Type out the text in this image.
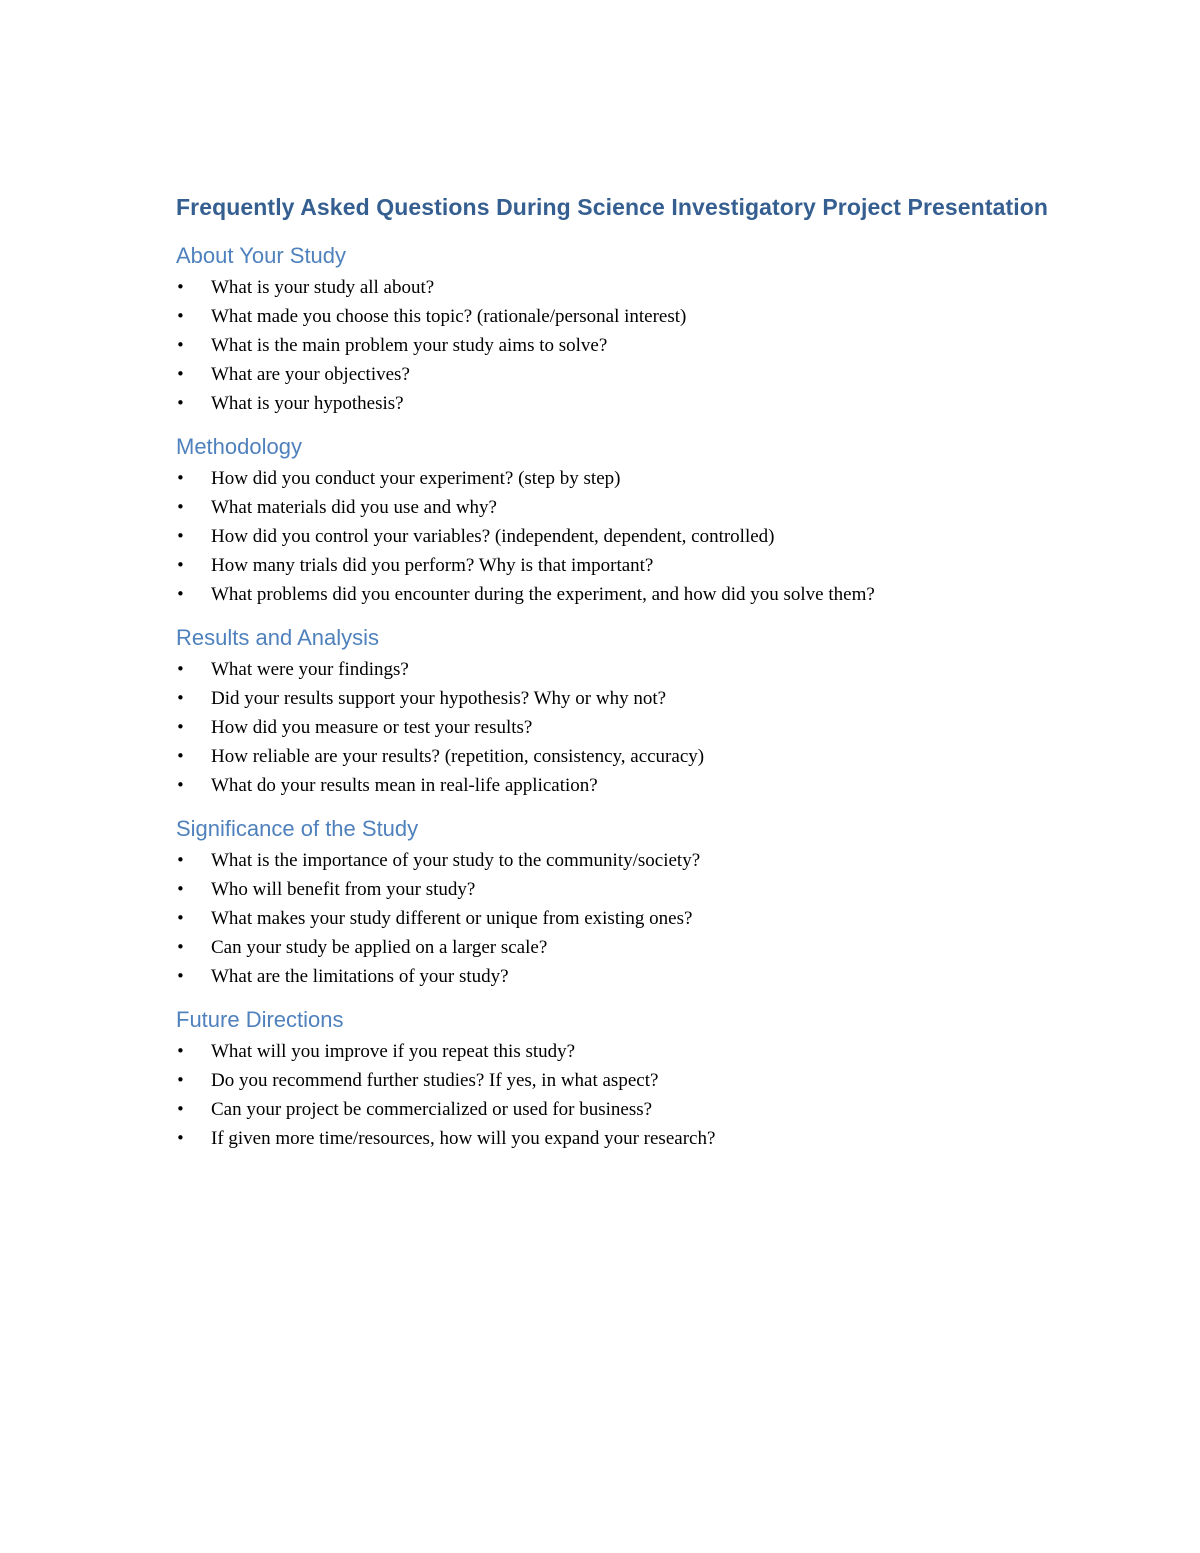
Frequently Asked Questions During Science Investigatory Project Presentation
About Your Study
• What is your study all about?
• What made you choose this topic? (rationale/personal interest)
• What is the main problem your study aims to solve?
• What are your objectives?
• What is your hypothesis?
Methodology
• How did you conduct your experiment? (step by step)
• What materials did you use and why?
• How did you control your variables? (independent, dependent, controlled)
• How many trials did you perform? Why is that important?
• What problems did you encounter during the experiment, and how did you solve them?
Results and Analysis
• What were your findings?
• Did your results support your hypothesis? Why or why not?
• How did you measure or test your results?
• How reliable are your results? (repetition, consistency, accuracy)
• What do your results mean in real-life application?
Significance of the Study
• What is the importance of your study to the community/society?
• Who will benefit from your study?
• What makes your study different or unique from existing ones?
• Can your study be applied on a larger scale?
• What are the limitations of your study?
Future Directions
• What will you improve if you repeat this study?
• Do you recommend further studies? If yes, in what aspect?
• Can your project be commercialized or used for business?
• If given more time/resources, how will you expand your research?
